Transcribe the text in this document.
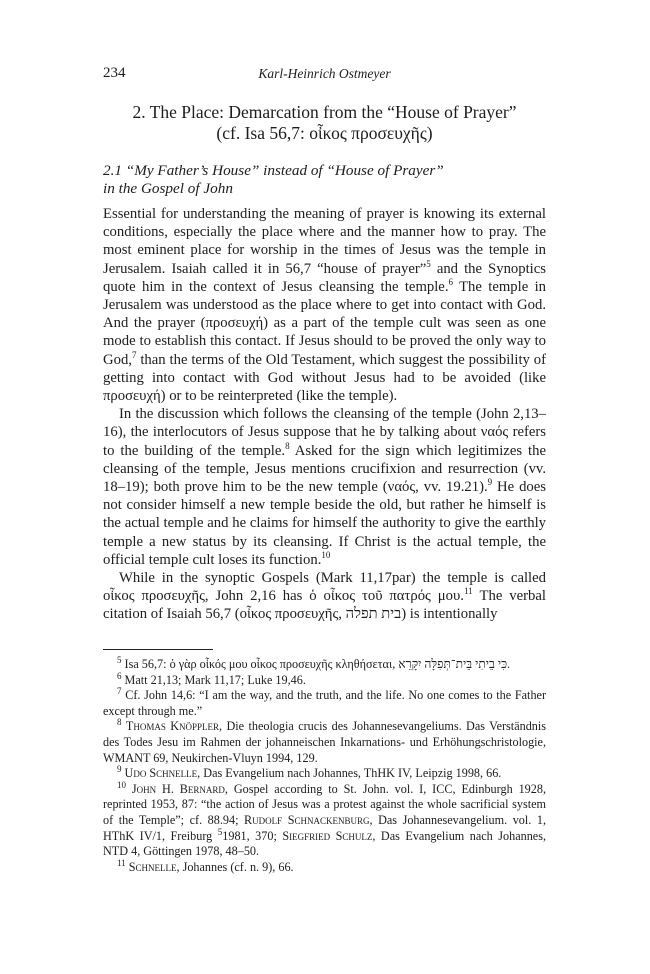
234	Karl-Heinrich Ostmeyer
2. The Place: Demarcation from the “House of Prayer”
(cf. Isa 56,7: οἶκος προσευχῆς)
2.1 “My Father’s House” instead of “House of Prayer”
in the Gospel of John

Essential for understanding the meaning of prayer is knowing its external conditions, especially the place where and the manner how to pray. The most eminent place for worship in the times of Jesus was the temple in Jerusalem. Isaiah called it in 56,7 “house of prayer”$^5$ and the Synoptics quote him in the context of Jesus cleansing the temple.$^6$ The temple in Jerusalem was understood as the place where to get into contact with God. And the prayer (προσευχή) as a part of the temple cult was seen as one mode to establish this contact. If Jesus should to be proved the only way to God,$^7$ than the terms of the Old Testament, which suggest the possibility of getting into contact with God without Jesus had to be avoided (like προσευχή) or to be reinterpreted (like the temple).

In the discussion which follows the cleansing of the temple (John 2,13–16), the interlocutors of Jesus suppose that he by talking about ναός refers to the building of the temple.$^8$ Asked for the sign which legitimizes the cleansing of the temple, Jesus mentions crucifixion and resurrection (vv. 18–19); both prove him to be the new temple (ναός, vv. 19.21).$^9$ He does not consider himself a new temple beside the old, but rather he himself is the actual temple and he claims for himself the authority to give the earthly temple a new status by its cleansing. If Christ is the actual temple, the official temple cult loses its function.$^{10}$

While in the synoptic Gospels (Mark 11,17par) the temple is called οἶκος προσευχῆς, John 2,16 has ὁ οἶκος τοῦ πατρός μου.$^{11}$ The verbal citation of Isaiah 56,7 (οἶκος προσευχῆς, בית תפלה) is intentionally

$^5$ Isa 56,7: ὁ γὰρ οἶκός μου οἶκος προσευχῆς κληθήσεται, כִּי בֵיתִי בֵּית־תְּפִלָּה יִקָּרֵא.

$^6$ Matt 21,13; Mark 11,17; Luke 19,46.

$^7$ Cf. John 14,6: “I am the way, and the truth, and the life. No one comes to the Father except through me.”

$^8$ Thomas Knöppler, Die theologia crucis des Johannesevangeliums. Das Verständnis des Todes Jesu im Rahmen der johanneischen Inkarnations- und Erhöhungschristologie, WMANT 69, Neukirchen-Vluyn 1994, 129.

$^9$ Udo Schnelle, Das Evangelium nach Johannes, ThHK IV, Leipzig 1998, 66.

$^{10}$ John H. Bernard, Gospel according to St. John. vol. I, ICC, Edinburgh 1928, reprinted 1953, 87: “the action of Jesus was a protest against the whole sacrificial system of the Temple”; cf. 88.94; Rudolf Schnackenburg, Das Johannesevangelium. vol. 1, HThK IV/1, Freiburg $^5$1981, 370; Siegfried Schulz, Das Evangelium nach Johannes, NTD 4, Göttingen 1978, 48–50.

$^{11}$ Schnelle, Johannes (cf. n. 9), 66.
